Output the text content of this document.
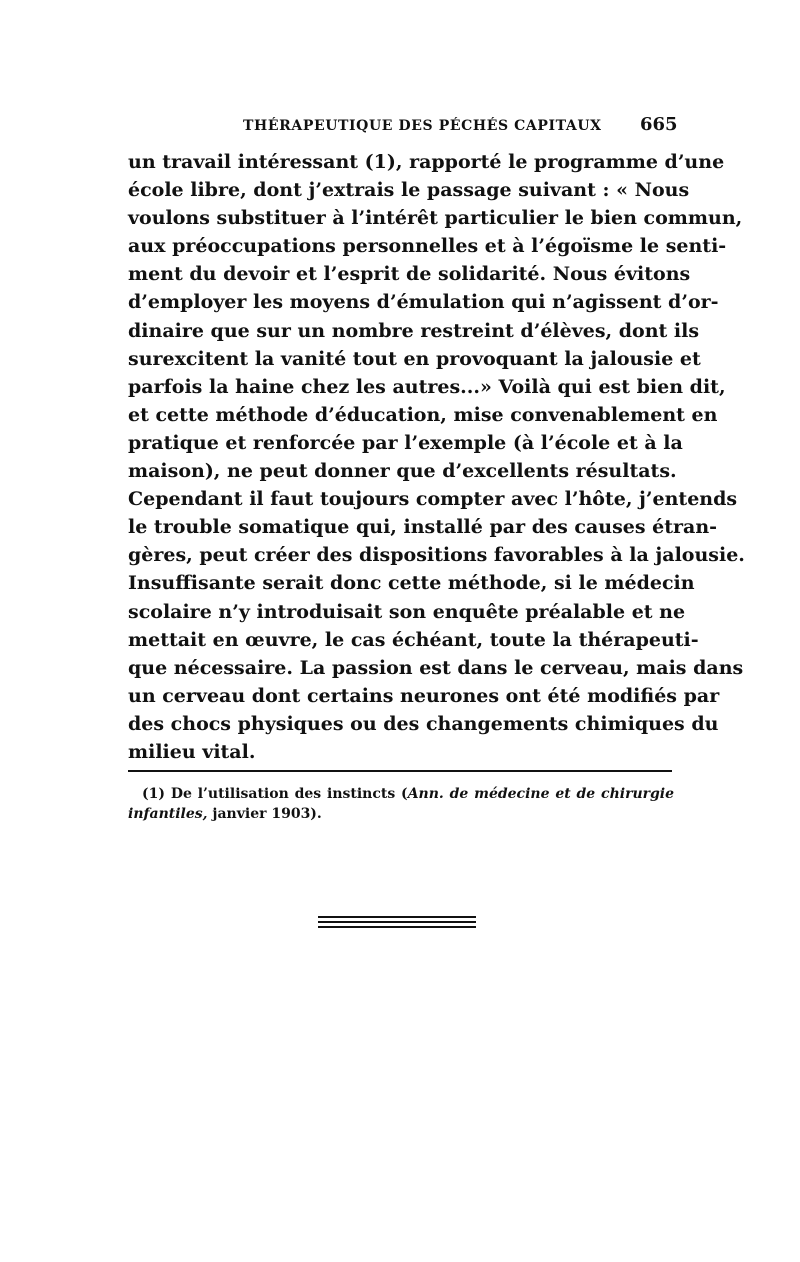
THÉRAPEUTIQUE DES PÉCHÉS CAPITAUX 665
un travail intéressant (1), rapporté le programme d’une
école libre, dont j’extrais le passage suivant : « Nous
voulons substituer à l’intérêt particulier le bien commun,
aux préoccupations personnelles et à l’égoïsme le senti-
ment du devoir et l’esprit de solidarité. Nous évitons
d’employer les moyens d’émulation qui n’agissent d’or-
dinaire que sur un nombre restreint d’élèves, dont ils
surexcitent la vanité tout en provoquant la jalousie et
parfois la haine chez les autres...» Voilà qui est bien dit,
et cette méthode d’éducation, mise convenablement en
pratique et renforcée par l’exemple (à l’école et à la
maison), ne peut donner que d’excellents résultats.
Cependant il faut toujours compter avec l’hôte, j’entends
le trouble somatique qui, installé par des causes étran-
gères, peut créer des dispositions favorables à la jalousie.
Insuffisante serait donc cette méthode, si le médecin
scolaire n’y introduisait son enquête préalable et ne
mettait en œuvre, le cas échéant, toute la thérapeuti-
que nécessaire. La passion est dans le cerveau, mais dans
un cerveau dont certains neurones ont été modifiés par
des chocs physiques ou des changements chimiques du
milieu vital.
(1) De l’utilisation des instincts (Ann. de médecine et de chirurgie
infantiles, janvier 1903).
